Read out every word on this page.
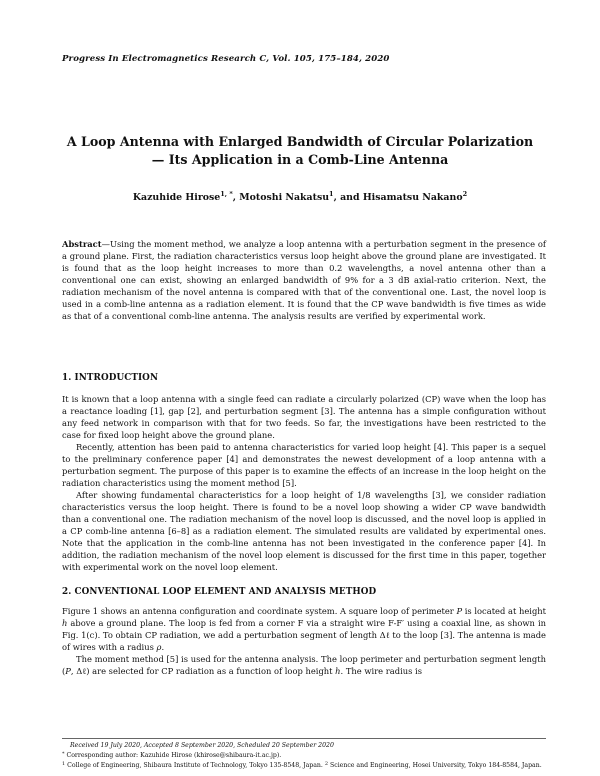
Progress In Electromagnetics Research C, Vol. 105, 175–184, 2020
A Loop Antenna with Enlarged Bandwidth of Circular Polarization
— Its Application in a Comb-Line Antenna
Kazuhide Hirose$^{1, *}$, Motoshi Nakatsu$^1$, and Hisamatsu Nakano$^2$
Abstract—Using the moment method, we analyze a loop antenna with a perturbation segment in the presence of a ground plane. First, the radiation characteristics versus loop height above the ground plane are investigated. It is found that as the loop height increases to more than 0.2 wavelengths, a novel antenna other than a conventional one can exist, showing an enlarged bandwidth of 9% for a 3 dB axial-ratio criterion. Next, the radiation mechanism of the novel antenna is compared with that of the conventional one. Last, the novel loop is used in a comb-line antenna as a radiation element. It is found that the CP wave bandwidth is five times as wide as that of a conventional comb-line antenna. The analysis results are verified by experimental work.
1. INTRODUCTION

It is known that a loop antenna with a single feed can radiate a circularly polarized (CP) wave when the loop has a reactance loading [1], gap [2], and perturbation segment [3]. The antenna has a simple configuration without any feed network in comparison with that for two feeds. So far, the investigations have been restricted to the case for fixed loop height above the ground plane.

Recently, attention has been paid to antenna characteristics for varied loop height [4]. This paper is a sequel to the preliminary conference paper [4] and demonstrates the newest development of a loop antenna with a perturbation segment. The purpose of this paper is to examine the effects of an increase in the loop height on the radiation characteristics using the moment method [5].

After showing fundamental characteristics for a loop height of 1/8 wavelengths [3], we consider radiation characteristics versus the loop height. There is found to be a novel loop showing a wider CP wave bandwidth than a conventional one. The radiation mechanism of the novel loop is discussed, and the novel loop is applied in a CP comb-line antenna [6–8] as a radiation element. The simulated results are validated by experimental ones. Note that the application in the comb-line antenna has not been investigated in the conference paper [4]. In addition, the radiation mechanism of the novel loop element is discussed for the first time in this paper, together with experimental work on the novel loop element.

2. CONVENTIONAL LOOP ELEMENT AND ANALYSIS METHOD

Figure 1 shows an antenna configuration and coordinate system. A square loop of perimeter P is located at height h above a ground plane. The loop is fed from a corner F via a straight wire F-F′ using a coaxial line, as shown in Fig. 1(c). To obtain CP radiation, we add a perturbation segment of length Δℓ to the loop [3]. The antenna is made of wires with a radius ρ.

The moment method [5] is used for the antenna analysis. The loop perimeter and perturbation segment length (P, Δℓ) are selected for CP radiation as a function of loop height h. The wire radius is

Received 19 July 2020, Accepted 8 September 2020, Scheduled 20 September 2020
* Corresponding author: Kazuhide Hirose (khirose@shibaura-it.ac.jp).
$^1$ College of Engineering, Shibaura Institute of Technology, Tokyo 135-8548, Japan. $^2$ Science and Engineering, Hosei University, Tokyo 184-8584, Japan.
